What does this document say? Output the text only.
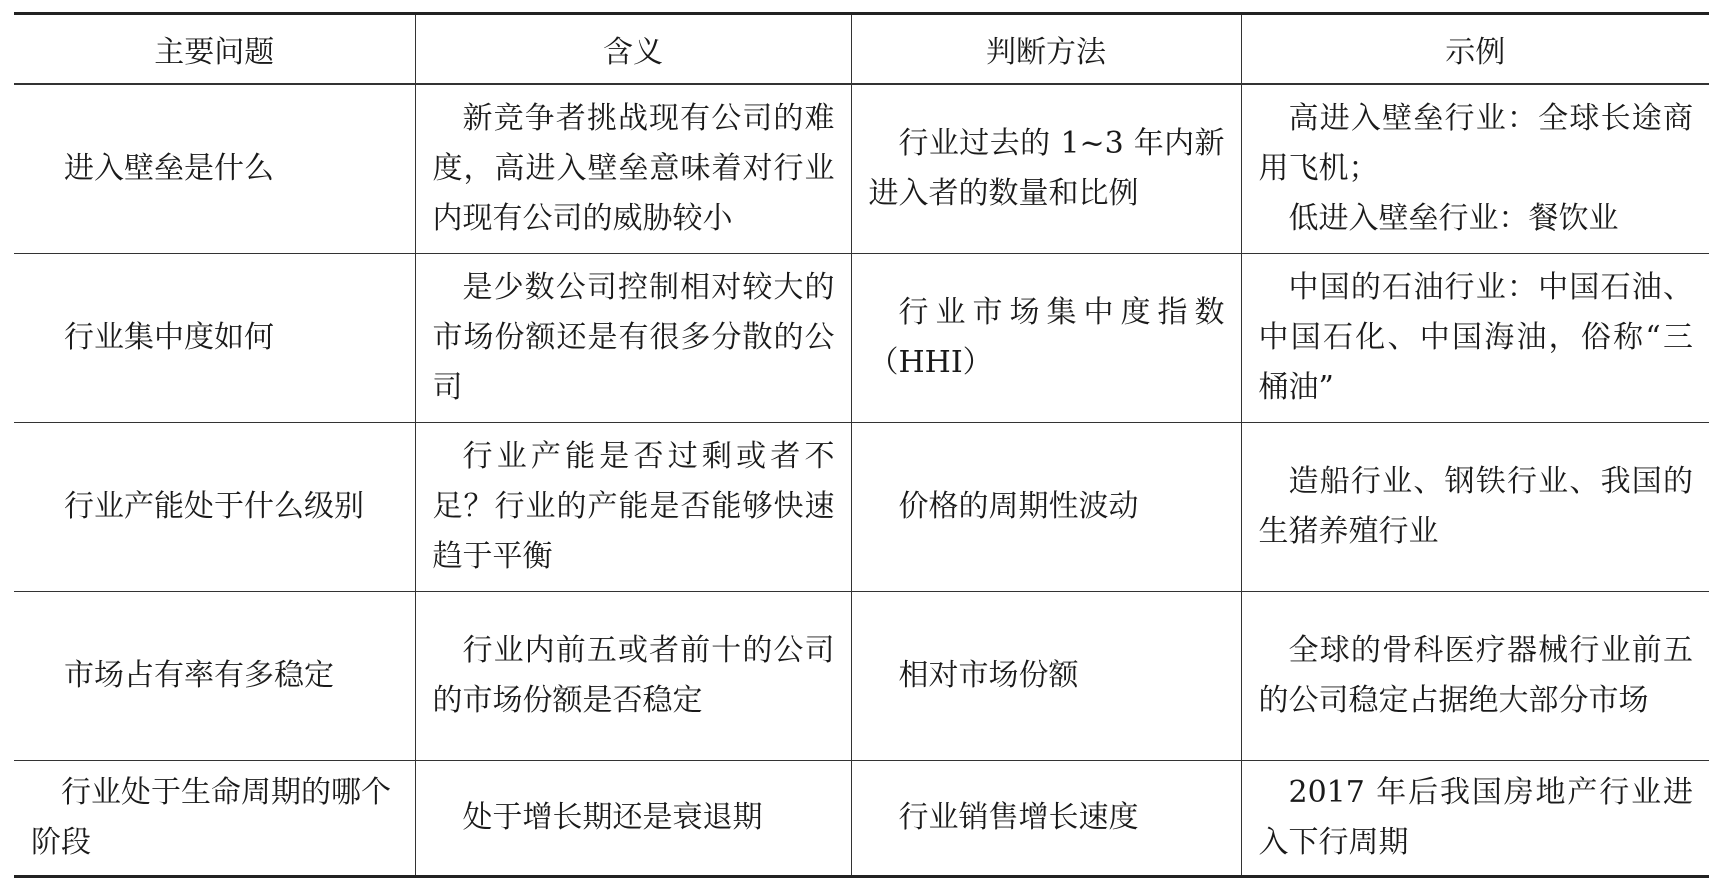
主要问题	含义	判断方法	示例

进入壁垒是什么	新竞争者挑战现有公司的难度，高进入壁垒意味着对行业内现有公司的威胁较小	行业过去的 1~3 年内新进入者的数量和比例	高进入壁垒行业：全球长途商用飞机；
低进入壁垒行业：餐饮业

行业集中度如何	是少数公司控制相对较大的市场份额还是有很多分散的公司	行业市场集中度指数（HHI）	中国的石油行业：中国石油、中国石化、中国海油，俗称“三桶油”

行业产能处于什么级别	行业产能是否过剩或者不足？行业的产能是否能够快速趋于平衡	价格的周期性波动	造船行业、钢铁行业、我国的生猪养殖行业

市场占有率有多稳定	行业内前五或者前十的公司的市场份额是否稳定	相对市场份额	全球的骨科医疗器械行业前五的公司稳定占据绝大部分市场

行业处于生命周期的哪个阶段	处于增长期还是衰退期	行业销售增长速度	2017 年后我国房地产行业进入下行周期
